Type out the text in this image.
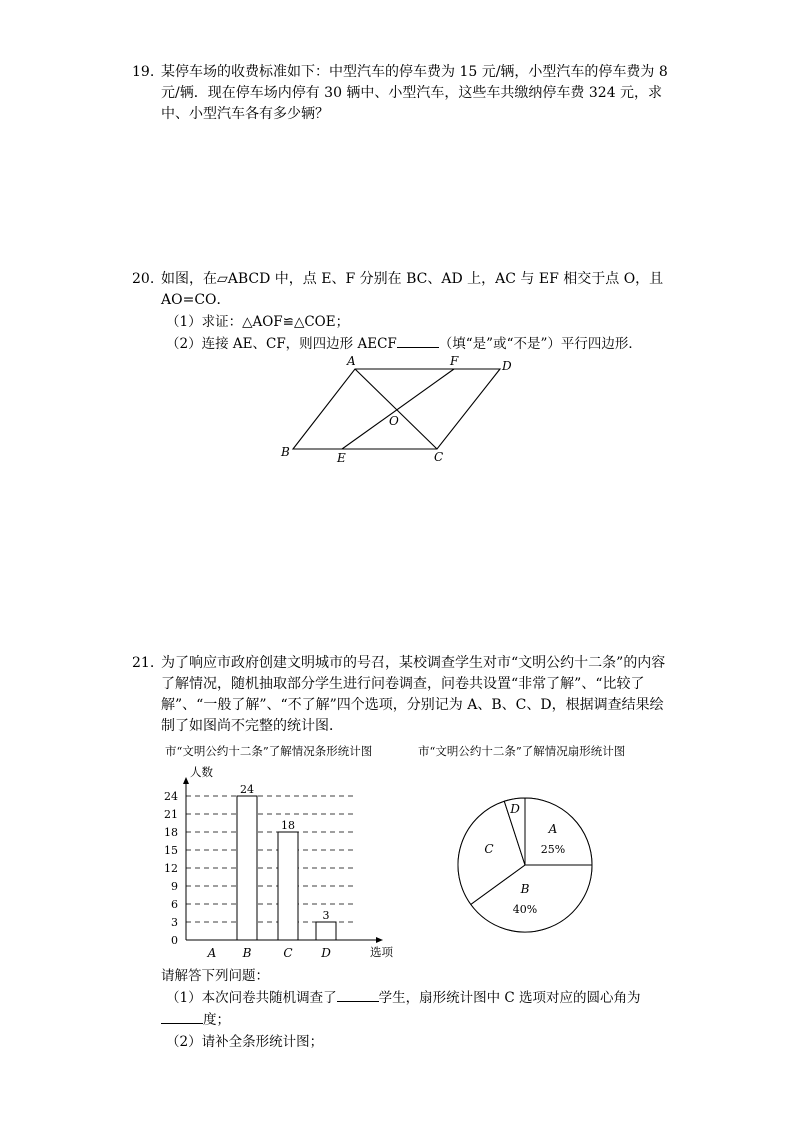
19. 某停车场的收费标准如下：中型汽车的停车费为 15 元/辆，小型汽车的停车费为 8 元/辆．现在停车场内停有 30 辆中、小型汽车，这些车共缴纳停车费 324 元，求中、小型汽车各有多少辆？
20. 如图，在▱ABCD 中，点 E、F 分别在 BC、AD 上，AC 与 EF 相交于点 O，且 AO=CO．
（1）求证：△AOF≌△COE；
（2）连接 AE、CF，则四边形 AECF	（填“是”或“不是”）平行四边形．
A	F	D
O
B	E	C
21. 为了响应市政府创建文明城市的号召，某校调查学生对市“文明公约十二条”的内容了解情况，随机抽取部分学生进行问卷调查，问卷共设置“非常了解”、“比较了解”、“一般了解”、“不了解”四个选项，分别记为 A、B、C、D，根据调查结果绘制了如图尚不完整的统计图．
市“文明公约十二条”了解情况条形统计图	市“文明公约十二条”了解情况扇形统计图
0
3
6
9
12
15
18
21
24
人数
选项
A B
24
C
18
D
3
A
25%
B
40%
C
D
请解答下列问题：
（1）本次问卷共随机调查了	学生，扇形统计图中 C 选项对应的圆心角为
度；
（2）请补全条形统计图；
